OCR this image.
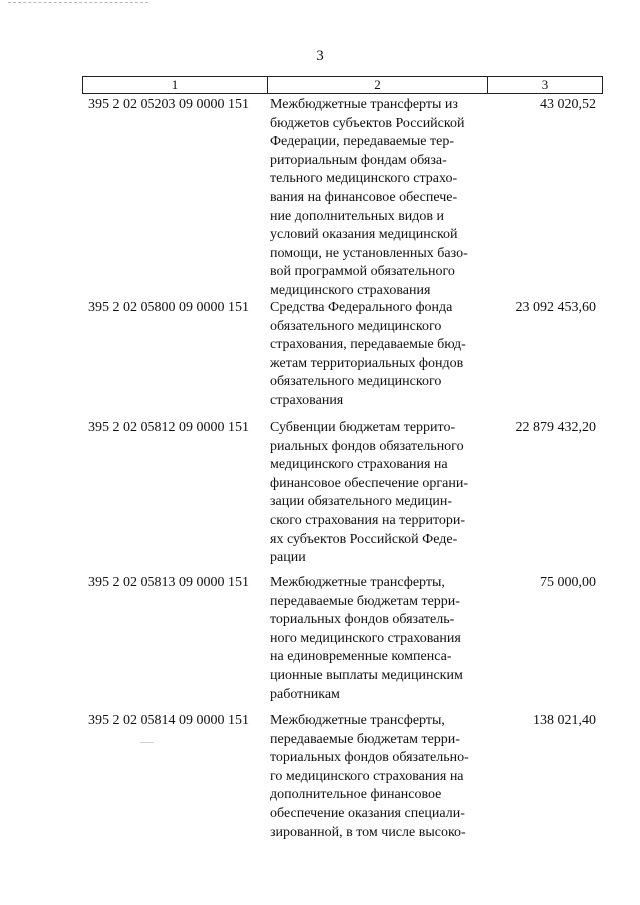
3
1	2	3
395 2 02 05203 09 0000 151 Межбюджетные трансферты из
бюджетов субъектов Российской
Федерации, передаваемые тер-
риториальным фондам обяза-
тельного медицинского страхо-
вания на финансовое обеспече-
ние дополнительных видов и
условий оказания медицинской
помощи, не установленных базо-
вой программой обязательного
медицинского страхования
43 020,52
395 2 02 05800 09 0000 151 Средства Федерального фонда
обязательного медицинского
страхования, передаваемые бюд-
жетам территориальных фондов
обязательного медицинского
страхования
23 092 453,60
395 2 02 05812 09 0000 151 Субвенции бюджетам террито-
риальных фондов обязательного
медицинского страхования на
финансовое обеспечение органи-
зации обязательного медицин-
ского страхования на территори-
ях субъектов Российской Феде-
рации
22 879 432,20
395 2 02 05813 09 0000 151 Межбюджетные трансферты,
передаваемые бюджетам терри-
ториальных фондов обязатель-
ного медицинского страхования
на единовременные компенса-
ционные выплаты медицинским
работникам
75 000,00
395 2 02 05814 09 0000 151 Межбюджетные трансферты,
передаваемые бюджетам терри-
ториальных фондов обязательно-
го медицинского страхования на
дополнительное финансовое
обеспечение оказания специали-
зированной, в том числе высоко-
138 021,40
